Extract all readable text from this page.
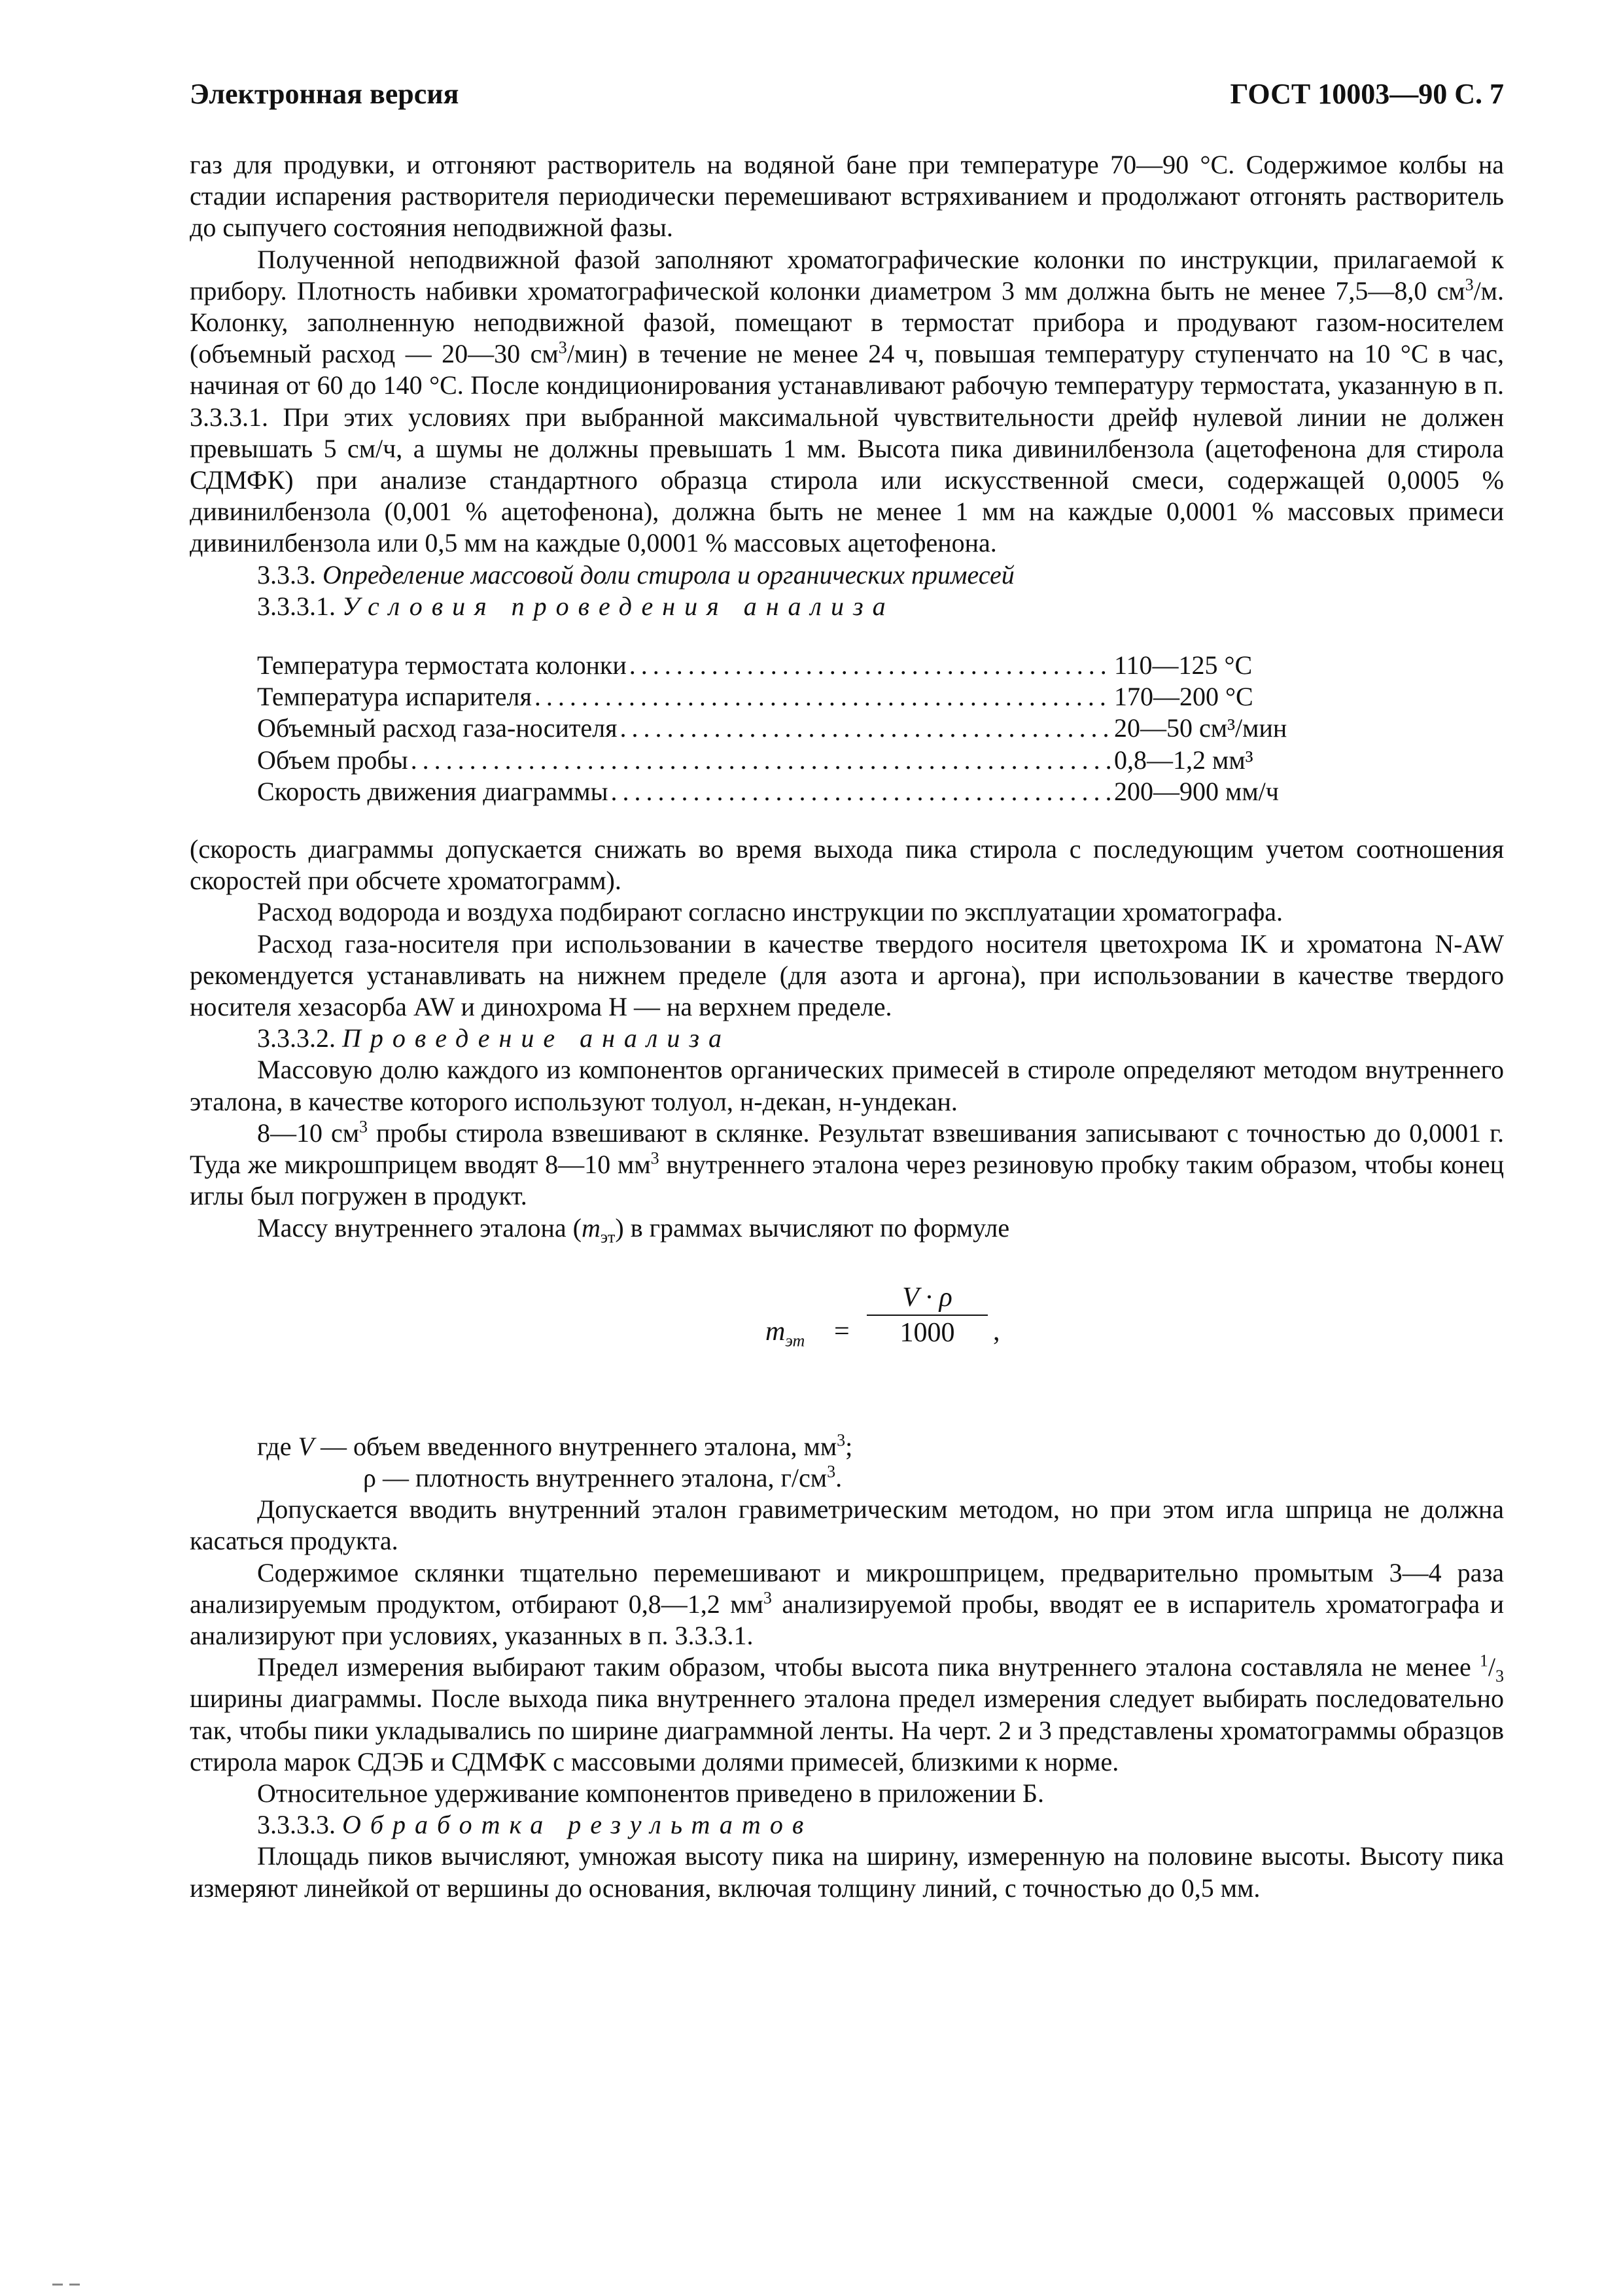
Электронная версия	ГОСТ 10003—90 С. 7

газ для продувки, и отгоняют растворитель на водяной бане при температуре 70—90 °С. Содержимое колбы на стадии испарения растворителя периодически перемешивают встряхиванием и продолжают отгонять растворитель до сыпучего состояния неподвижной фазы.

Полученной неподвижной фазой заполняют хроматографические колонки по инструкции, прилагаемой к прибору. Плотность набивки хроматографической колонки диаметром 3 мм должна быть не менее 7,5—8,0 $см^3/м$. Колонку, заполненную неподвижной фазой, помещают в термостат прибора и продувают газом-носителем (объемный расход — 20—30 $см^3/мин$) в течение не менее 24 ч, повышая температуру ступенчато на 10 °С в час, начиная от 60 до 140 °С. После кондиционирования устанавливают рабочую температуру термостата, указанную в п. 3.3.3.1. При этих условиях при выбранной максимальной чувствительности дрейф нулевой линии не должен превышать 5 см/ч, а шумы не должны превышать 1 мм. Высота пика дивинилбензола (ацетофенона для стирола СДМФК) при анализе стандартного образца стирола или искусственной смеси, содержащей 0,0005 % дивинилбензола (0,001 % ацетофенона), должна быть не менее 1 мм на каждые 0,0001 % массовых примеси дивинилбензола или 0,5 мм на каждые 0,0001 % массовых ацетофенона.

3.3.3. Определение массовой доли стирола и органических примесей

3.3.3.1. Условия проведения анализа

Температура термостата колонки .....	110—125 °С
Температура испарителя .....	170—200 °С
Объемный расход газа-носителя .....	20—50 см³/мин
Объем пробы .....	0,8—1,2 мм³
Скорость движения диаграммы .....	200—900 мм/ч

(скорость диаграммы допускается снижать во время выхода пика стирола с последующим учетом соотношения скоростей при обсчете хроматограмм).

Расход водорода и воздуха подбирают согласно инструкции по эксплуатации хроматографа.

Расход газа-носителя при использовании в качестве твердого носителя цветохрома IK и хроматона N-AW рекомендуется устанавливать на нижнем пределе (для азота и аргона), при использовании в качестве твердого носителя хезасорба AW и динохрома H — на верхнем пределе.

3.3.3.2. Проведение анализа

Массовую долю каждого из компонентов органических примесей в стироле определяют методом внутреннего эталона, в качестве которого используют толуол, н-декан, н-ундекан.

8—10 $см^3$ пробы стирола взвешивают в склянке. Результат взвешивания записывают с точностью до 0,0001 г. Туда же микрошприцем вводят 8—10 $мм^3$ внутреннего эталона через резиновую пробку таким образом, чтобы конец иглы был погружен в продукт.

Массу внутреннего эталона $(m_{эт})$ в граммах вычисляют по формуле

$m_{эт} = \frac{V \cdot \rho}{1000}$ ,

где V — объем введенного внутреннего эталона, $мм^3$;

ρ — плотность внутреннего эталона, $г/см^3$.

Допускается вводить внутренний эталон гравиметрическим методом, но при этом игла шприца не должна касаться продукта.

Содержимое склянки тщательно перемешивают и микрошприцем, предварительно промытым 3—4 раза анализируемым продуктом, отбирают 0,8—1,2 $мм^3$ анализируемой пробы, вводят ее в испаритель хроматографа и анализируют при условиях, указанных в п. 3.3.3.1.

Предел измерения выбирают таким образом, чтобы высота пика внутреннего эталона составляла не менее $^1/_3$ ширины диаграммы. После выхода пика внутреннего эталона предел измерения следует выбирать последовательно так, чтобы пики укладывались по ширине диаграммной ленты. На черт. 2 и 3 представлены хроматограммы образцов стирола марок СДЭБ и СДМФК с массовыми долями примесей, близкими к норме.

Относительное удерживание компонентов приведено в приложении Б.

3.3.3.3. Обработка результатов

Площадь пиков вычисляют, умножая высоту пика на ширину, измеренную на половине высоты. Высоту пика измеряют линейкой от вершины до основания, включая толщину линий, с точностью до 0,5 мм.
